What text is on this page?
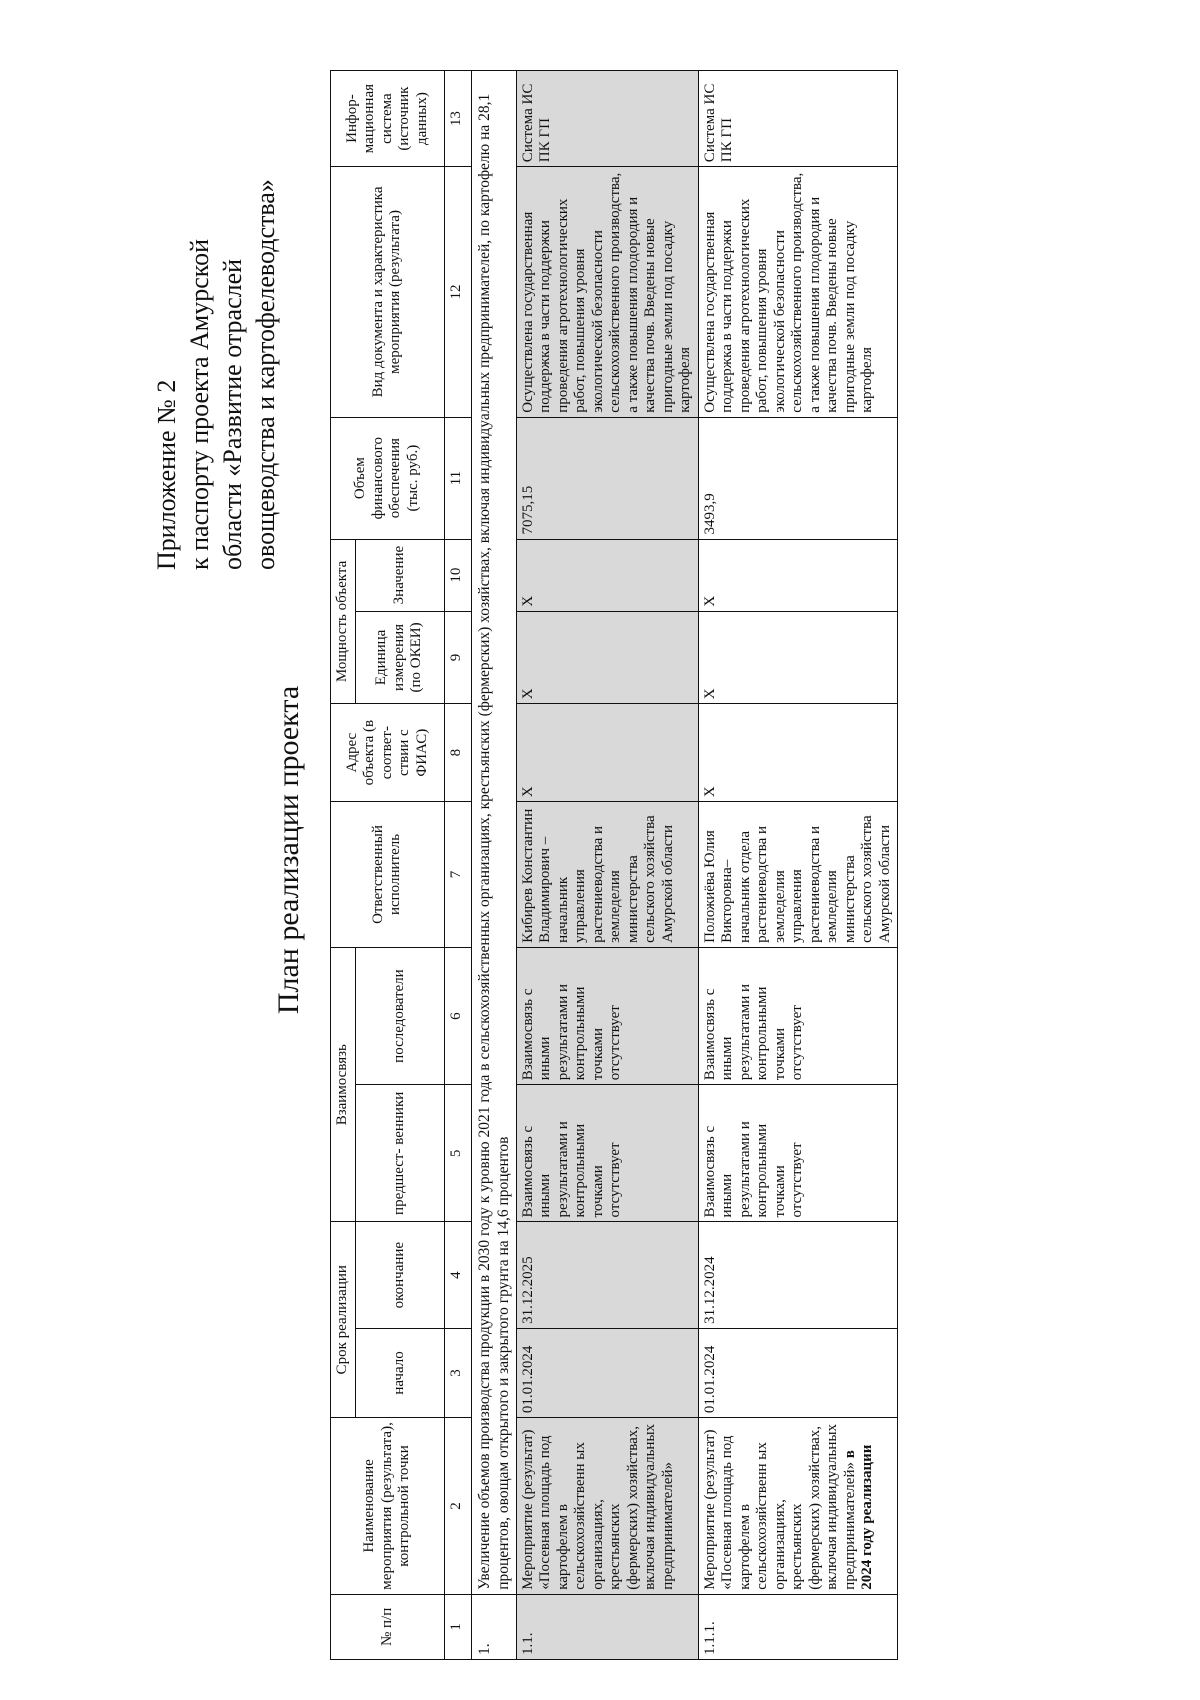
Приложение № 2 к паспорту проекта Амурской области «Развитие отраслей овощеводства и картофелеводства»
План реализации проекта
№ п/п	Наименование мероприятия (результата), контрольной точки	Срок реализации		Взаимосвязь		Ответственный исполнитель	Адрес объекта (в соответ- ствии с ФИАС)	Мощность объекта		Объем финансового обеспечения (тыс. руб.)	Вид документа и характеристика мероприятия (результата)	Инфор- мационная система (источник данных)
		начало	окончание	предшест- венники	последователи			Единица измерения (по ОКЕИ)	Значение			
1	2	3	4	5	6	7	8	9	10	11	12	13
1.	Увеличение объемов производства продукции в 2030 году к уровню 2021 года в сельскохозяйственных организациях, крестьянских (фермерских) хозяйствах, включая индивидуальных предпринимателей, по картофелю на 28,1 процентов, овощам открытого и закрытого грунта на 14,6 процентов											
1.1.	Мероприятие (результат) «Посевная площадь под картофелем в сельскохозяйственн ых организациях, крестьянских (фермерских) хозяйствах, включая индивидуальных предпринимателей»	01.01.2024	31.12.2025	Взаимосвязь с иными результатами и контрольными точками отсутствует	Взаимосвязь с иными результатами и контрольными точками отсутствует	Кибирев Константин Владимирович – начальник управления растениеводства и земледелия министерства сельского хозяйства Амурской области	X	X	X	7075,15	Осуществлена государственная поддержка в части поддержки проведения агротехнологических работ, повышения уровня экологической безопасности сельскохозяйственного производства, а также повышения плодородия и качества почв. Введены новые пригодные земли под посадку картофеля	Система ИС ПК ГП
1.1.1.	Мероприятие (результат) «Посевная площадь под картофелем в сельскохозяйственн ых организациях, крестьянских (фермерских) хозяйствах, включая индивидуальных предпринимателей» в 2024 году реализации	01.01.2024	31.12.2024	Взаимосвязь с иными результатами и контрольными точками отсутствует	Взаимосвязь с иными результатами и контрольными точками отсутствует	Положиёва Юлия Викторовна– начальник отдела растениеводства и земледелия управления растениеводства и земледелия министерства сельского хозяйства Амурской области	X	X	X	3493,9	Осуществлена государственная поддержка в части поддержки проведения агротехнологических работ, повышения уровня экологической безопасности сельскохозяйственного производства, а также повышения плодородия и качества почв. Введены новые пригодные земли под посадку картофеля	Система ИС ПК ГП
